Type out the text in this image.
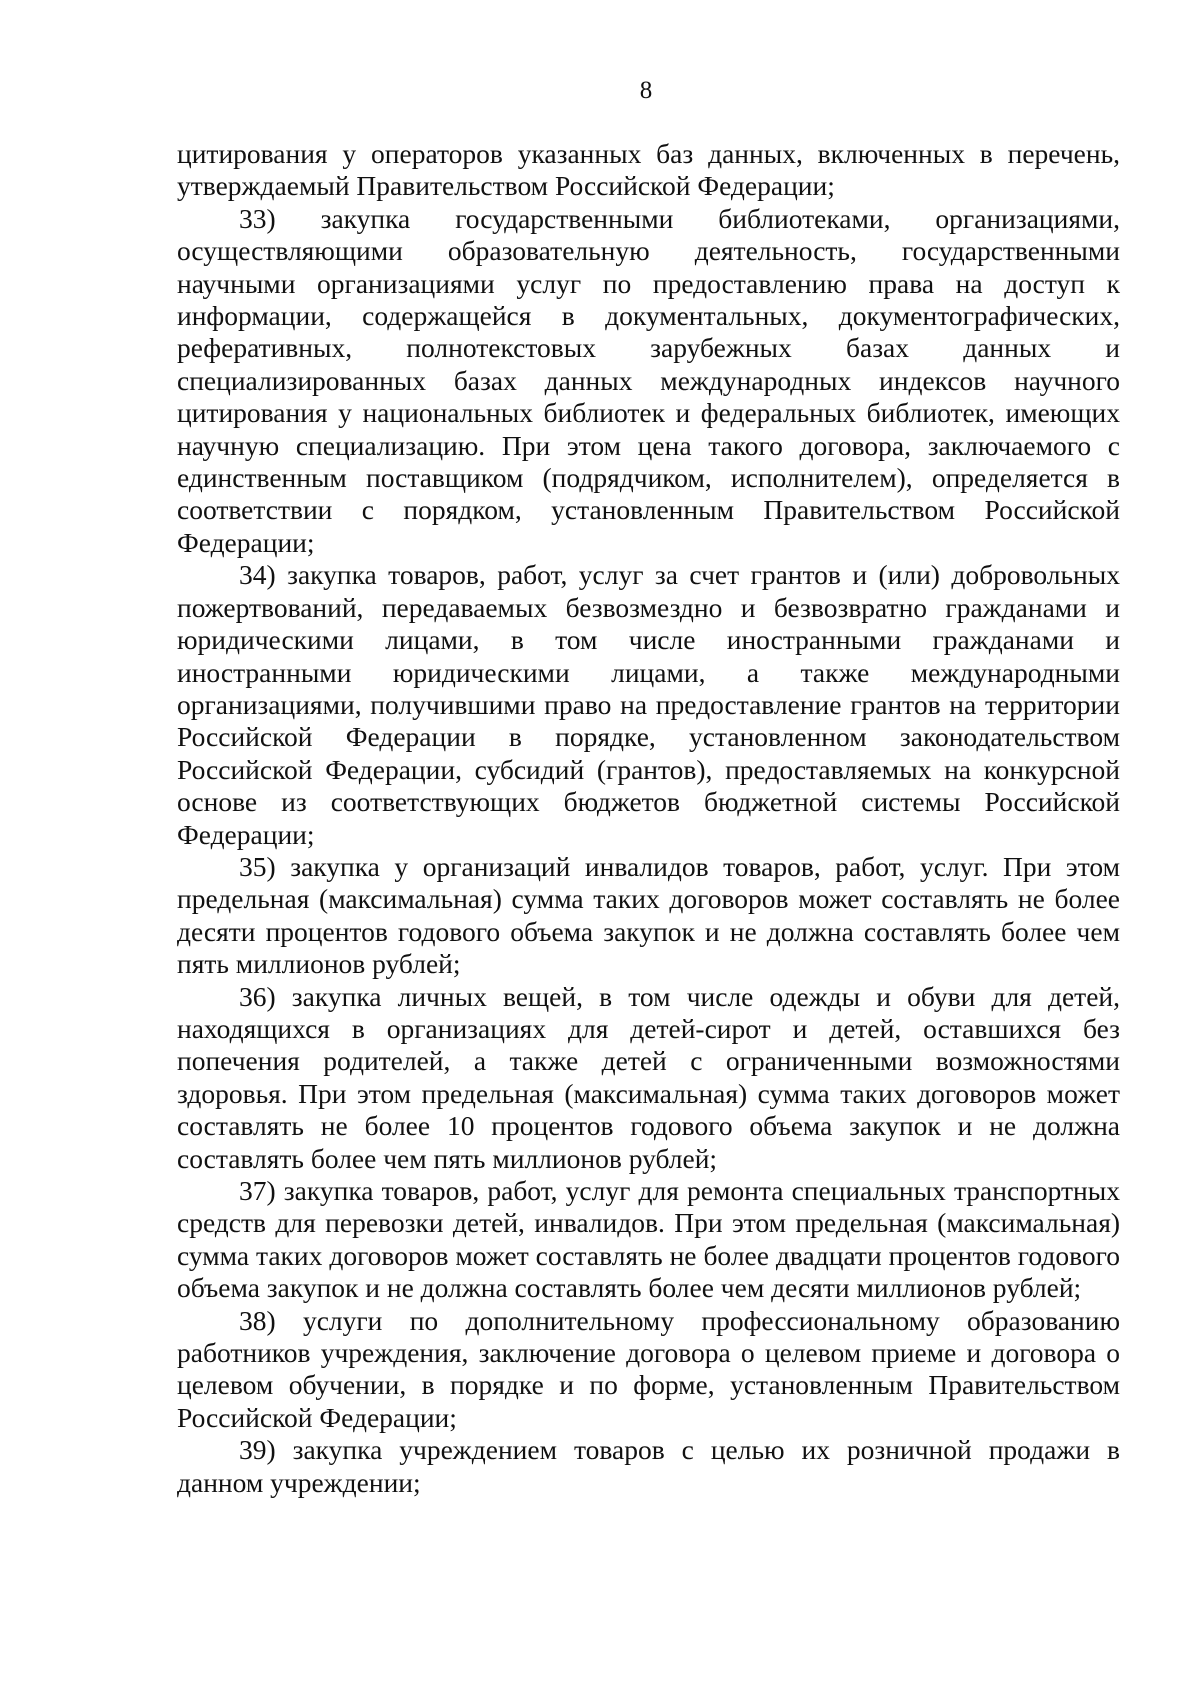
8

цитирования у операторов указанных баз данных, включенных в перечень, утверждаемый Правительством Российской Федерации;

33) закупка государственными библиотеками, организациями, осуществляющими образовательную деятельность, государственными научными организациями услуг по предоставлению права на доступ к информации, содержащейся в документальных, документографических, реферативных, полнотекстовых зарубежных базах данных и специализированных базах данных международных индексов научного цитирования у национальных библиотек и федеральных библиотек, имеющих научную специализацию. При этом цена такого договора, заключаемого с единственным поставщиком (подрядчиком, исполнителем), определяется в соответствии с порядком, установленным Правительством Российской Федерации;

34) закупка товаров, работ, услуг за счет грантов и (или) добровольных пожертвований, передаваемых безвозмездно и безвозвратно гражданами и юридическими лицами, в том числе иностранными гражданами и иностранными юридическими лицами, а также международными организациями, получившими право на предоставление грантов на территории Российской Федерации в порядке, установленном законодательством Российской Федерации, субсидий (грантов), предоставляемых на конкурсной основе из соответствующих бюджетов бюджетной системы Российской Федерации;

35) закупка у организаций инвалидов товаров, работ, услуг. При этом предельная (максимальная) сумма таких договоров может составлять не более десяти процентов годового объема закупок и не должна составлять более чем пять миллионов рублей;

36) закупка личных вещей, в том числе одежды и обуви для детей, находящихся в организациях для детей-сирот и детей, оставшихся без попечения родителей, а также детей с ограниченными возможностями здоровья. При этом предельная (максимальная) сумма таких договоров может составлять не более 10 процентов годового объема закупок и не должна составлять более чем пять миллионов рублей;

37) закупка товаров, работ, услуг для ремонта специальных транспортных средств для перевозки детей, инвалидов. При этом предельная (максимальная) сумма таких договоров может составлять не более двадцати процентов годового объема закупок и не должна составлять более чем десяти миллионов рублей;

38) услуги по дополнительному профессиональному образованию работников учреждения, заключение договора о целевом приеме и договора о целевом обучении, в порядке и по форме, установленным Правительством Российской Федерации;

39) закупка учреждением товаров с целью их розничной продажи в данном учреждении;
